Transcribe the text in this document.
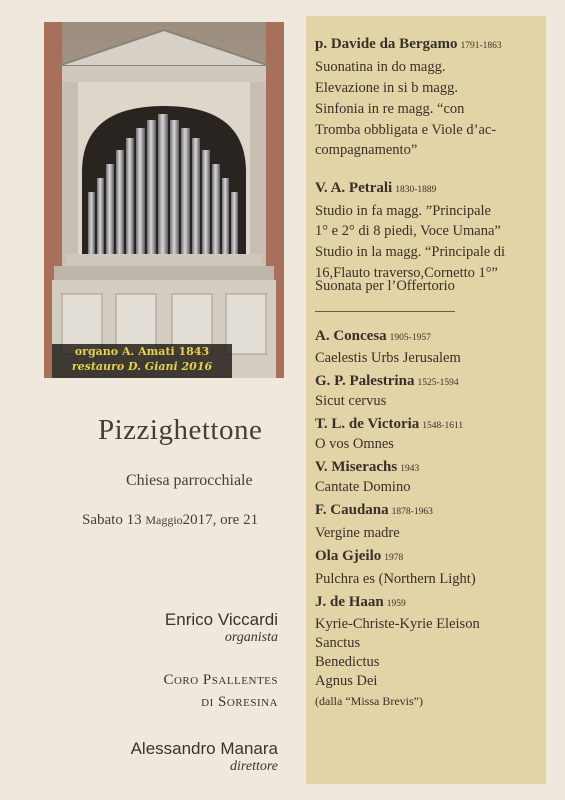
organo A. Amati 1843
restauro D. Giani 2016
Pizzighettone
Chiesa parrocchiale
Sabato 13 Maggio2017, ore 21
Enrico Viccardi
organista
Coro Psallentes
di Soresina
Alessandro Manara
direttore
p. Davide da Bergamo 1791-1863
Suonatina in do magg.
Elevazione in si b magg.
Sinfonia in re magg. “con
Tromba obbligata e Viole d’ac-
compagnamento”
V. A. Petrali 1830-1889
Studio in fa magg. ”Principale
1° e 2° di 8 piedi, Voce Umana”
Studio in la magg. “Principale di
16,Flauto traverso,Cornetto 1°”
Suonata per l’Offertorio
A. Concesa 1905-1957
Caelestis Urbs Jerusalem
G. P. Palestrina 1525-1594
Sicut cervus
T. L. de Victoria 1548-1611
O vos Omnes
V. Miserachs 1943
Cantate Domino
F. Caudana 1878-1963
Vergine madre
Ola Gjeilo 1978
Pulchra es (Northern Light)
J. de Haan 1959
Kyrie-Christe-Kyrie Eleison
Sanctus
Benedictus
Agnus Dei
(dalla “Missa Brevis”)
